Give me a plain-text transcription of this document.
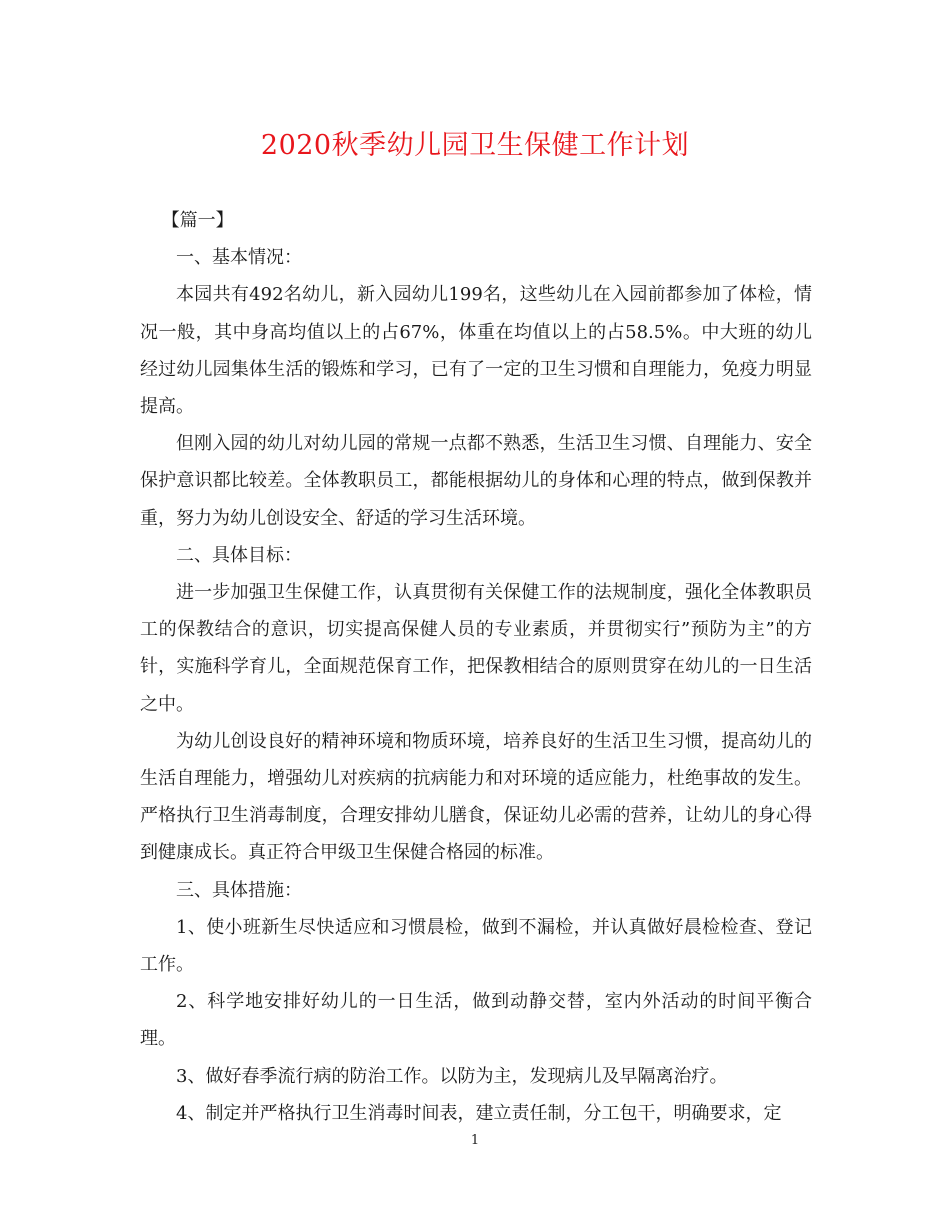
2020秋季幼儿园卫生保健工作计划

【篇一】

一、基本情况：

本园共有492名幼儿，新入园幼儿199名，这些幼儿在入园前都参加了体检，情况一般，其中身高均值以上的占67%，体重在均值以上的占58.5%。中大班的幼儿经过幼儿园集体生活的锻炼和学习，已有了一定的卫生习惯和自理能力，免疫力明显提高。

但刚入园的幼儿对幼儿园的常规一点都不熟悉，生活卫生习惯、自理能力、安全保护意识都比较差。全体教职员工，都能根据幼儿的身体和心理的特点，做到保教并重，努力为幼儿创设安全、舒适的学习生活环境。

二、具体目标：

进一步加强卫生保健工作，认真贯彻有关保健工作的法规制度，强化全体教职员工的保教结合的意识，切实提高保健人员的专业素质，并贯彻实行”预防为主”的方针，实施科学育儿，全面规范保育工作，把保教相结合的原则贯穿在幼儿的一日生活之中。

为幼儿创设良好的精神环境和物质环境，培养良好的生活卫生习惯，提高幼儿的生活自理能力，增强幼儿对疾病的抗病能力和对环境的适应能力，杜绝事故的发生。严格执行卫生消毒制度，合理安排幼儿膳食，保证幼儿必需的营养，让幼儿的身心得到健康成长。真正符合甲级卫生保健合格园的标准。

三、具体措施：

1、使小班新生尽快适应和习惯晨检，做到不漏检，并认真做好晨检检查、登记工作。

2、科学地安排好幼儿的一日生活，做到动静交替，室内外活动的时间平衡合理。

3、做好春季流行病的防治工作。以防为主，发现病儿及早隔离治疗。

4、制定并严格执行卫生消毒时间表，建立责任制，分工包干，明确要求，定

1
